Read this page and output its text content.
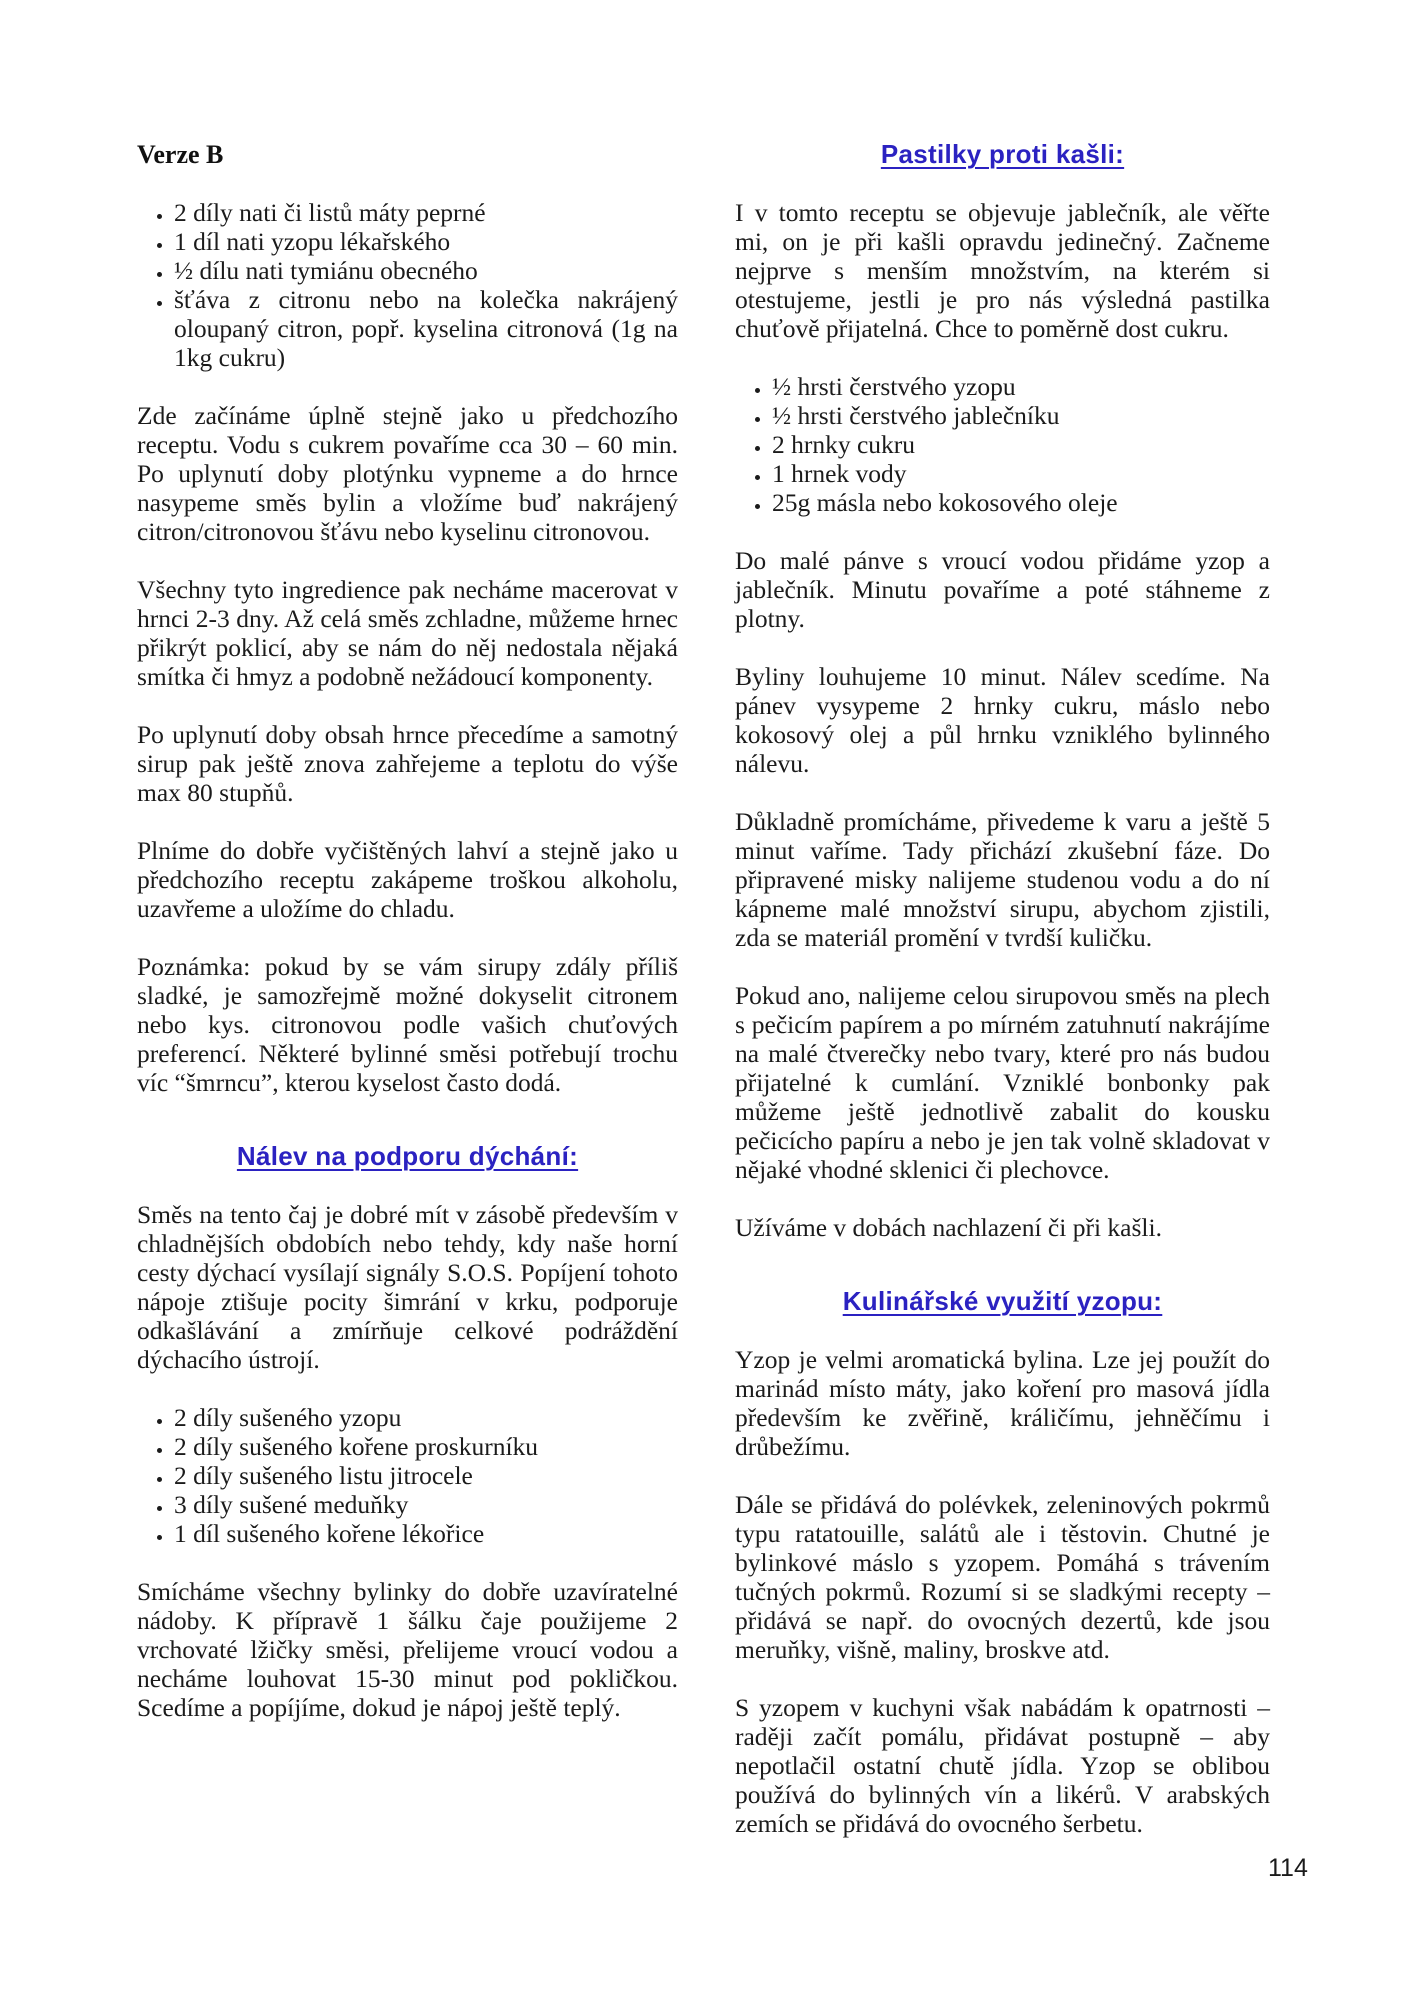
Verze B

• 2 díly nati či listů máty peprné
• 1 díl nati yzopu lékařského
• ½ dílu nati tymiánu obecného
• šťáva z citronu nebo na kolečka nakrájený oloupaný citron, popř. kyselina citronová (1g na 1kg cukru)

Zde začínáme úplně stejně jako u předchozího receptu. Vodu s cukrem povaříme cca 30 – 60 min. Po uplynutí doby plotýnku vypneme a do hrnce nasypeme směs bylin a vložíme buď nakrájený citron/citronovou šťávu nebo kyselinu citronovou.

Všechny tyto ingredience pak necháme macerovat v hrnci 2-3 dny. Až celá směs zchladne, můžeme hrnec přikrýt poklicí, aby se nám do něj nedostala nějaká smítka či hmyz a podobně nežádoucí komponenty.

Po uplynutí doby obsah hrnce přecedíme a samotný sirup pak ještě znova zahřejeme a teplotu do výše max 80 stupňů.

Plníme do dobře vyčištěných lahví a stejně jako u předchozího receptu zakápeme troškou alkoholu, uzavřeme a uložíme do chladu.

Poznámka: pokud by se vám sirupy zdály příliš sladké, je samozřejmě možné dokyselit citronem nebo kys. citronovou podle vašich chuťových preferencí. Některé bylinné směsi potřebují trochu víc “šmrncu”, kterou kyselost často dodá.

Nálev na podporu dýchání:

Směs na tento čaj je dobré mít v zásobě především v chladnějších obdobích nebo tehdy, kdy naše horní cesty dýchací vysílají signály S.O.S. Popíjení tohoto nápoje ztišuje pocity šimrání v krku, podporuje odkašlávání a zmírňuje celkové podráždění dýchacího ústrojí.

• 2 díly sušeného yzopu
• 2 díly sušeného kořene proskurníku
• 2 díly sušeného listu jitrocele
• 3 díly sušené meduňky
• 1 díl sušeného kořene lékořice

Smícháme všechny bylinky do dobře uzavíratelné nádoby. K přípravě 1 šálku čaje použijeme 2 vrchovaté lžičky směsi, přelijeme vroucí vodou a necháme louhovat 15-30 minut pod pokličkou. Scedíme a popíjíme, dokud je nápoj ještě teplý.

Pastilky proti kašli:

I v tomto receptu se objevuje jablečník, ale věřte mi, on je při kašli opravdu jedinečný. Začneme nejprve s menším množstvím, na kterém si otestujeme, jestli je pro nás výsledná pastilka chuťově přijatelná. Chce to poměrně dost cukru.

• ½ hrsti čerstvého yzopu
• ½ hrsti čerstvého jablečníku
• 2 hrnky cukru
• 1 hrnek vody
• 25g másla nebo kokosového oleje

Do malé pánve s vroucí vodou přidáme yzop a jablečník. Minutu povaříme a poté stáhneme z plotny.

Byliny louhujeme 10 minut. Nálev scedíme. Na pánev vysypeme 2 hrnky cukru, máslo nebo kokosový olej a půl hrnku vzniklého bylinného nálevu.

Důkladně promícháme, přivedeme k varu a ještě 5 minut vaříme. Tady přichází zkušební fáze. Do připravené misky nalijeme studenou vodu a do ní kápneme malé množství sirupu, abychom zjistili, zda se materiál promění v tvrdší kuličku.

Pokud ano, nalijeme celou sirupovou směs na plech s pečicím papírem a po mírném zatuhnutí nakrájíme na malé čtverečky nebo tvary, které pro nás budou přijatelné k cumlání. Vzniklé bonbonky pak můžeme ještě jednotlivě zabalit do kousku pečicícho papíru a nebo je jen tak volně skladovat v nějaké vhodné sklenici či plechovce.

Užíváme v dobách nachlazení či při kašli.

Kulinářské využití yzopu:

Yzop je velmi aromatická bylina. Lze jej použít do marinád místo máty, jako koření pro masová jídla především ke zvěřině, králičímu, jehněčímu i drůbežímu.

Dále se přidává do polévkek, zeleninových pokrmů typu ratatouille, salátů ale i těstovin. Chutné je bylinkové máslo s yzopem. Pomáhá s trávením tučných pokrmů. Rozumí si se sladkými recepty – přidává se např. do ovocných dezertů, kde jsou meruňky, višně, maliny, broskve atd.

S yzopem v kuchyni však nabádám k opatrnosti – raději začít pomálu, přidávat postupně – aby nepotlačil ostatní chutě jídla. Yzop se oblibou používá do bylinných vín a likérů. V arabských zemích se přidává do ovocného šerbetu.

114
